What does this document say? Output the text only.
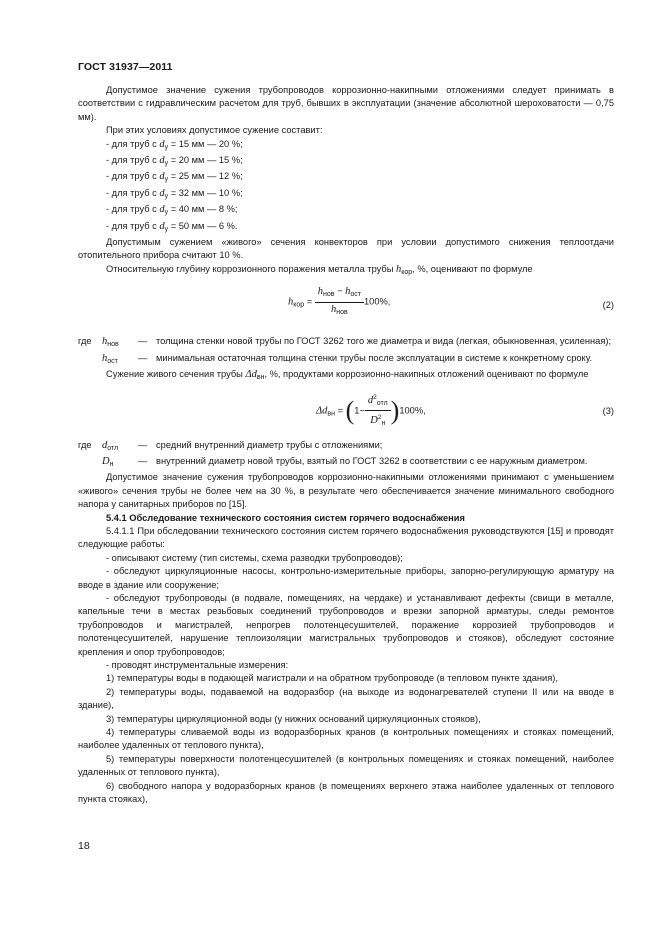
ГОСТ 31937—2011

Допустимое значение сужения трубопроводов коррозионно-накипными отложениями следует принимать в соответствии с гидравлическим расчетом для труб, бывших в эксплуатации (значение абсолютной шероховатости — 0,75 мм).

При этих условиях допустимое сужение составит:

- для труб с $d_у = 15$ мм — 20 %;
- для труб с $d_у = 20$ мм — 15 %;
- для труб с $d_у = 25$ мм — 12 %;
- для труб с $d_у = 32$ мм — 10 %;
- для труб с $d_у = 40$ мм — 8 %;
- для труб с $d_у = 50$ мм — 6 %.

Допустимым сужением «живого» сечения конвекторов при условии допустимого снижения теплоотдачи отопительного прибора считают 10 %.

Относительную глубину коррозионного поражения металла трубы $h_{кор}$, %, оценивают по формуле

$h_{кор} = \frac{h_{нов} - h_{ост}}{h_{нов}} 100\%$,	(2)
где $h_{нов}$	— толщина стенки новой трубы по ГОСТ 3262 того же диаметра и вида (легкая, обыкновенная, усиленная);
$h_{ост}$	— минимальная остаточная толщина стенки трубы после эксплуатации в системе к конкретному сроку.

Сужение живого сечения трубы $\Delta d_{вн}$, %, продуктами коррозионно-накипных отложений оценивают по формуле

$\Delta d_{вн} = (1- \frac{d^2_{отл}}{D^2_н} )100\%$,	(3)
где $d_{отл}$	— средний внутренний диаметр трубы с отложениями;
$D_н$	— внутренний диаметр новой трубы, взятый по ГОСТ 3262 в соответствии с ее наружным диаметром.

Допустимое значение сужения трубопроводов коррозионно-накипными отложениями принимают с уменьшением «живого» сечения трубы не более чем на 30 %, в результате чего обеспечивается значение минимального свободного напора у санитарных приборов по [15].

5.4.1 Обследование технического состояния систем горячего водоснабжения

5.4.1.1 При обследовании технического состояния систем горячего водоснабжения руководствуются [15] и проводят следующие работы:

- описывают систему (тип системы, схема разводки трубопроводов);

- обследуют циркуляционные насосы, контрольно-измерительные приборы, запорно-регулирующую арматуру на вводе в здание или сооружение;

- обследуют трубопроводы (в подвале, помещениях, на чердаке) и устанавливают дефекты (свищи в металле, капельные течи в местах резьбовых соединений трубопроводов и врезки запорной арматуры, следы ремонтов трубопроводов и магистралей, непрогрев полотенцесушителей, поражение коррозией трубопроводов и полотенцесушителей, нарушение теплоизоляции магистральных трубопроводов и стояков), обследуют состояние крепления и опор трубопроводов;

- проводят инструментальные измерения:

1) температуры воды в подающей магистрали и на обратном трубопроводе (в тепловом пункте здания),

2) температуры воды, подаваемой на водоразбор (на выходе из водонагревателей ступени II или на вводе в здание),

3) температуры циркуляционной воды (у нижних оснований циркуляционных стояков),

4) температуры сливаемой воды из водоразборных кранов (в контрольных помещениях и стояках помещений, наиболее удаленных от теплового пункта),

5) температуры поверхности полотенцесушителей (в контрольных помещениях и стояках помещений, наиболее удаленных от теплового пункта),

6) свободного напора у водоразборных кранов (в помещениях верхнего этажа наиболее удаленных от теплового пункта стояках),

18
